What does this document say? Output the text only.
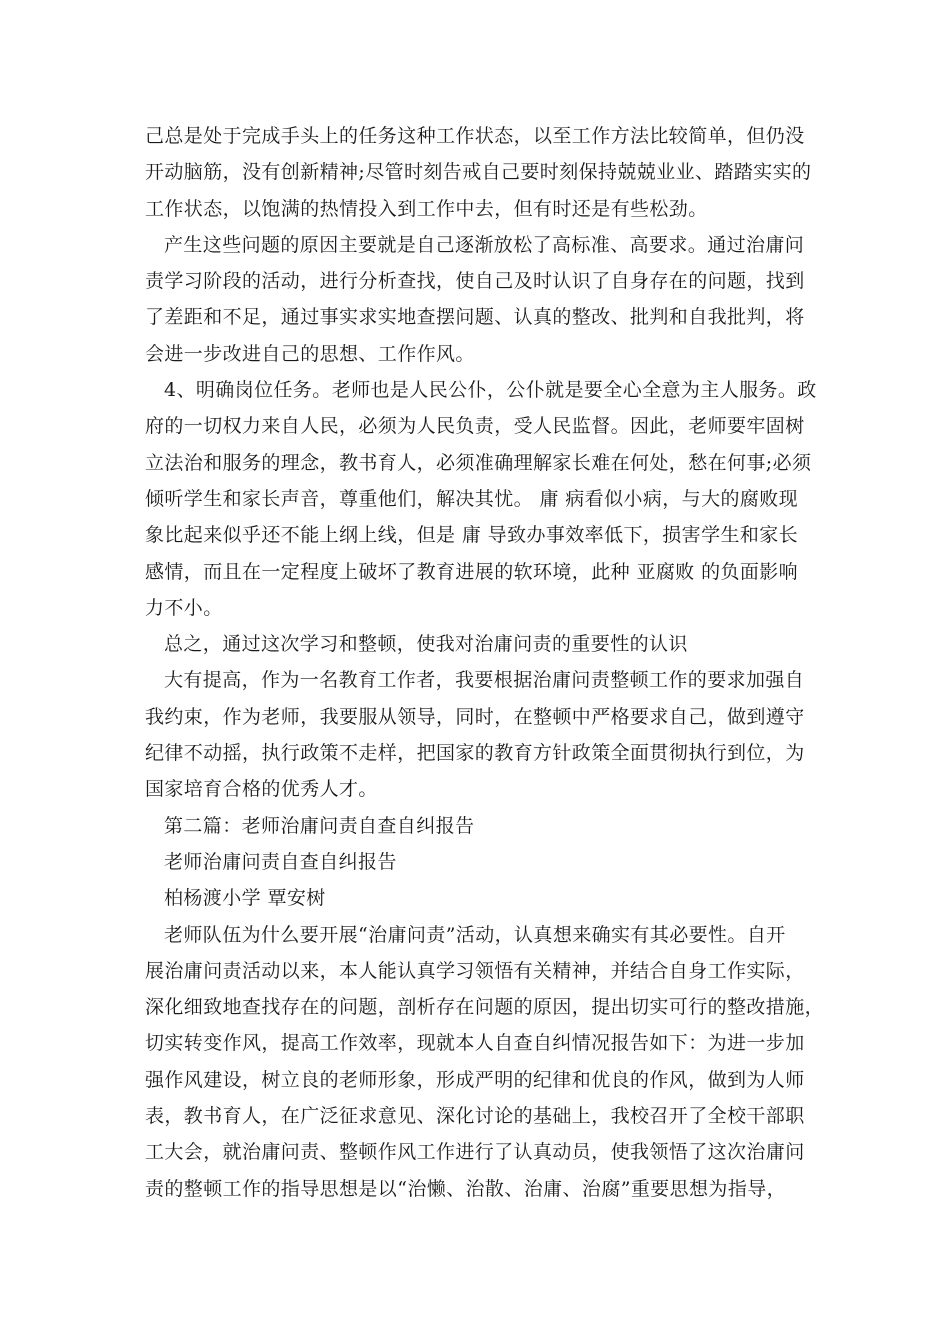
己总是处于完成手头上的任务这种工作状态，以至工作方法比较简单，但仍没
开动脑筋，没有创新精神;尽管时刻告戒自己要时刻保持兢兢业业、踏踏实实的
工作状态，以饱满的热情投入到工作中去，但有时还是有些松劲。
产生这些问题的原因主要就是自己逐渐放松了高标准、高要求。通过治庸问
责学习阶段的活动，进行分析查找，使自己及时认识了自身存在的问题，找到
了差距和不足，通过事实求实地查摆问题、认真的整改、批判和自我批判，将
会进一步改进自己的思想、工作作风。
4、明确岗位任务。老师也是人民公仆，公仆就是要全心全意为主人服务。政
府的一切权力来自人民，必须为人民负责，受人民监督。因此，老师要牢固树
立法治和服务的理念，教书育人，必须准确理解家长难在何处，愁在何事;必须
倾听学生和家长声音，尊重他们，解决其忧。 庸 病看似小病，与大的腐败现
象比起来似乎还不能上纲上线，但是 庸 导致办事效率低下，损害学生和家长
感情，而且在一定程度上破坏了教育进展的软环境，此种 亚腐败 的负面影响
力不小。
总之，通过这次学习和整顿，使我对治庸问责的重要性的认识
大有提高，作为一名教育工作者，我要根据治庸问责整顿工作的要求加强自
我约束，作为老师，我要服从领导，同时，在整顿中严格要求自己，做到遵守
纪律不动摇，执行政策不走样，把国家的教育方针政策全面贯彻执行到位，为
国家培育合格的优秀人才。
第二篇：老师治庸问责自查自纠报告
老师治庸问责自查自纠报告
柏杨渡小学 覃安树
老师队伍为什么要开展“治庸问责”活动，认真想来确实有其必要性。自开
展治庸问责活动以来，本人能认真学习领悟有关精神，并结合自身工作实际，
深化细致地查找存在的问题，剖析存在问题的原因，提出切实可行的整改措施，
切实转变作风，提高工作效率，现就本人自查自纠情况报告如下：为进一步加
强作风建设，树立良的老师形象，形成严明的纪律和优良的作风，做到为人师
表，教书育人，在广泛征求意见、深化讨论的基础上，我校召开了全校干部职
工大会，就治庸问责、整顿作风工作进行了认真动员，使我领悟了这次治庸问
责的整顿工作的指导思想是以“治懒、治散、治庸、治腐”重要思想为指导，
